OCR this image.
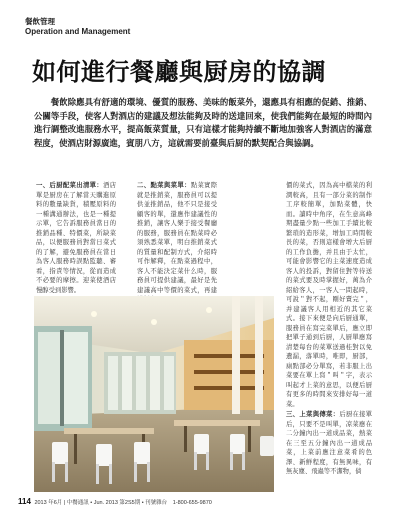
餐飲管理
Operation and Management
如何進行餐廳與厨房的協調

餐飲除應具有舒適的環境、優質的服務、美味的飯菜外，還應具有相應的促銷、推銷、公關等手段，使客人對酒店的建議及想法能夠及時的送達回來，使我們能夠在最短的時間內進行調整改進服務水平，提高飯菜質量，只有這樣才能夠持續不斷地加強客人對酒店的滿意程度，使酒店財源廣進，賓朋八方，這就需要前臺與后厨的默契配合與協調。

一、后厨配菜出清單：酒店單是厨房在了解當天購進原料的數量缺貨，積壓原料的一種溝通辦法，也是一種提示單，它告訴服務員當日的推銷品種、特價菜，所缺菜品，以便服務員對當日菜式的了解，避免服務員在當日為客人服務時誤點監聽、審看，指責等情況，從而造成不必要的摩擦。迎菜使酒店慢醇受到影響。

二、點菜與菜單：點菜實際就是推銷菜，服務員可以提供並推銷品，他不只是接受顧客的單，還應作建議性的推銷，讓客人樂于接受餐廳的服務，服務員在點菜時必須熟悉菜單，明白推銷菜式的質量和配制方式，介紹時可作解釋，在點菜過程中，客人不能決定菜什么時，服務員可提供建議，最好是先建議高中等價的菜式，再建

價的菜式，因為高中檔菜的利潤較高，且有一部分菜的制作工序較簡單，加點菜體，快而。讀時中角序，在生意高峰期盡量少點一些加工手續比較繁瑣的造形菜，增加工時間較長的菜，否則這樣會增大后厨的工作負擔，并且由于太忙，可能會影響它的主菜速度造成客人的投訴，對留住對等待送的菜式要及時掌握好，萬為介紹給客人，一客人一問起時，可說＂對不起，剛好賣完＂，并建議客人用相近的其它菜式。接下來便是向后厨通單，服務員在寫完菜單后，應立即把單子通到后厨，人厨單應寫清楚每台的菜單送過桂對以免遺漏，落單時，唯即，厨部，廁點部必分單寫，若非服上出菜要在單上寫＂叫＂字，表示叫起才上菜的意思，以便后厨有更多的時間來安排好每一道菜。

三、上菜與傳菜：后厨在接單后，只要不是叫單，凉菜應在二分鐘內出一道成品菜，熱菜在三至五分鐘內出一道成品菜，上菜前應注意菜肴的色澤、新鮮程度，有無異味，有無灰塵、飛蟲等不潔物，倘

114 2013 年6月 | 中餐通訊 • Jun. 2013 第2S5期 • 刊號雜台 1-800-655-9870
